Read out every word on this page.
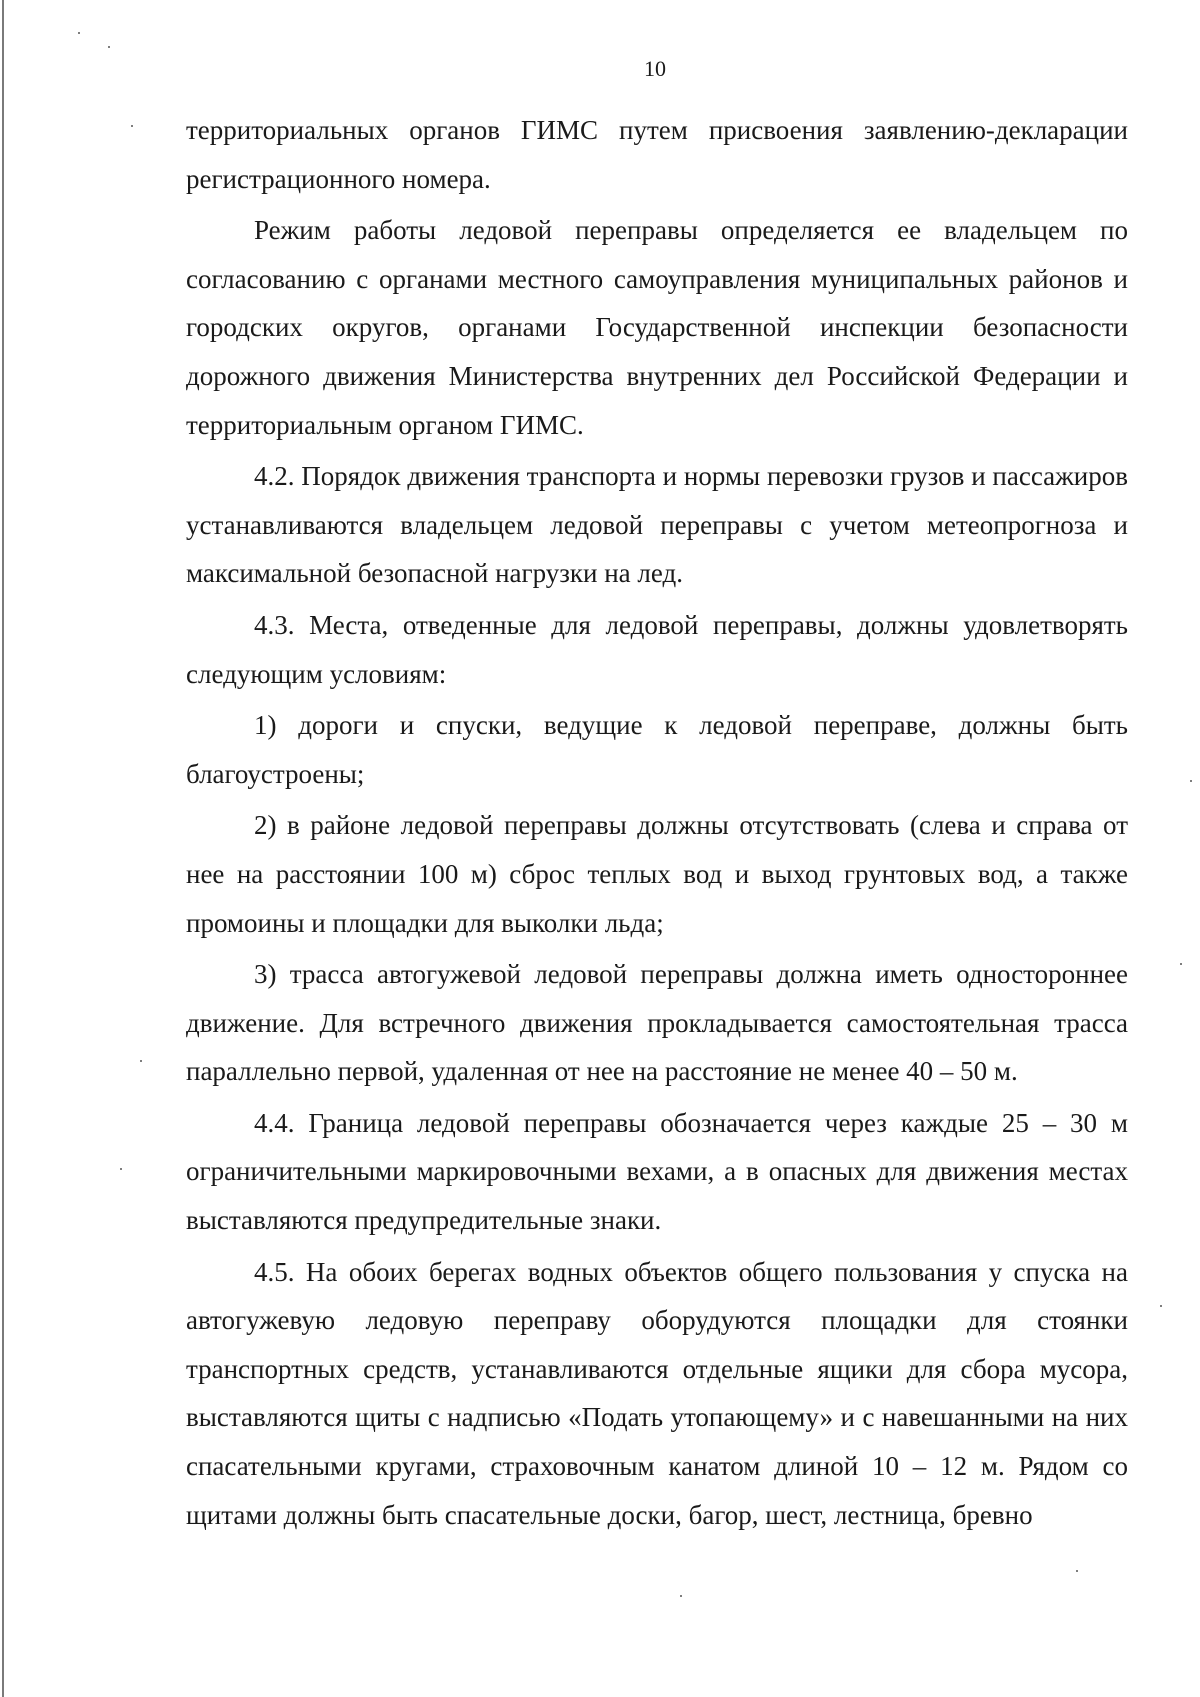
10

территориальных органов ГИМС путем присвоения заявлению-декларации регистрационного номера.

Режим работы ледовой переправы определяется ее владельцем по согласованию с органами местного самоуправления муниципальных районов и городских округов, органами Государственной инспекции безопасности дорожного движения Министерства внутренних дел Российской Федерации и территориальным органом ГИМС.

4.2. Порядок движения транспорта и нормы перевозки грузов и пассажиров устанавливаются владельцем ледовой переправы с учетом метеопрогноза и максимальной безопасной нагрузки на лед.

4.3. Места, отведенные для ледовой переправы, должны удовлетворять следующим условиям:

1) дороги и спуски, ведущие к ледовой переправе, должны быть благоустроены;

2) в районе ледовой переправы должны отсутствовать (слева и справа от нее на расстоянии 100 м) сброс теплых вод и выход грунтовых вод, а также промоины и площадки для выколки льда;

3) трасса автогужевой ледовой переправы должна иметь одностороннее движение. Для встречного движения прокладывается самостоятельная трасса параллельно первой, удаленная от нее на расстояние не менее 40 – 50 м.

4.4. Граница ледовой переправы обозначается через каждые 25 – 30 м ограничительными маркировочными вехами, а в опасных для движения местах выставляются предупредительные знаки.

4.5. На обоих берегах водных объектов общего пользования у спуска на автогужевую ледовую переправу оборудуются площадки для стоянки транспортных средств, устанавливаются отдельные ящики для сбора мусора, выставляются щиты с надписью «Подать утопающему» и с навешанными на них спасательными кругами, страховочным канатом длиной 10 – 12 м. Рядом со щитами должны быть спасательные доски, багор, шест, лестница, бревно
